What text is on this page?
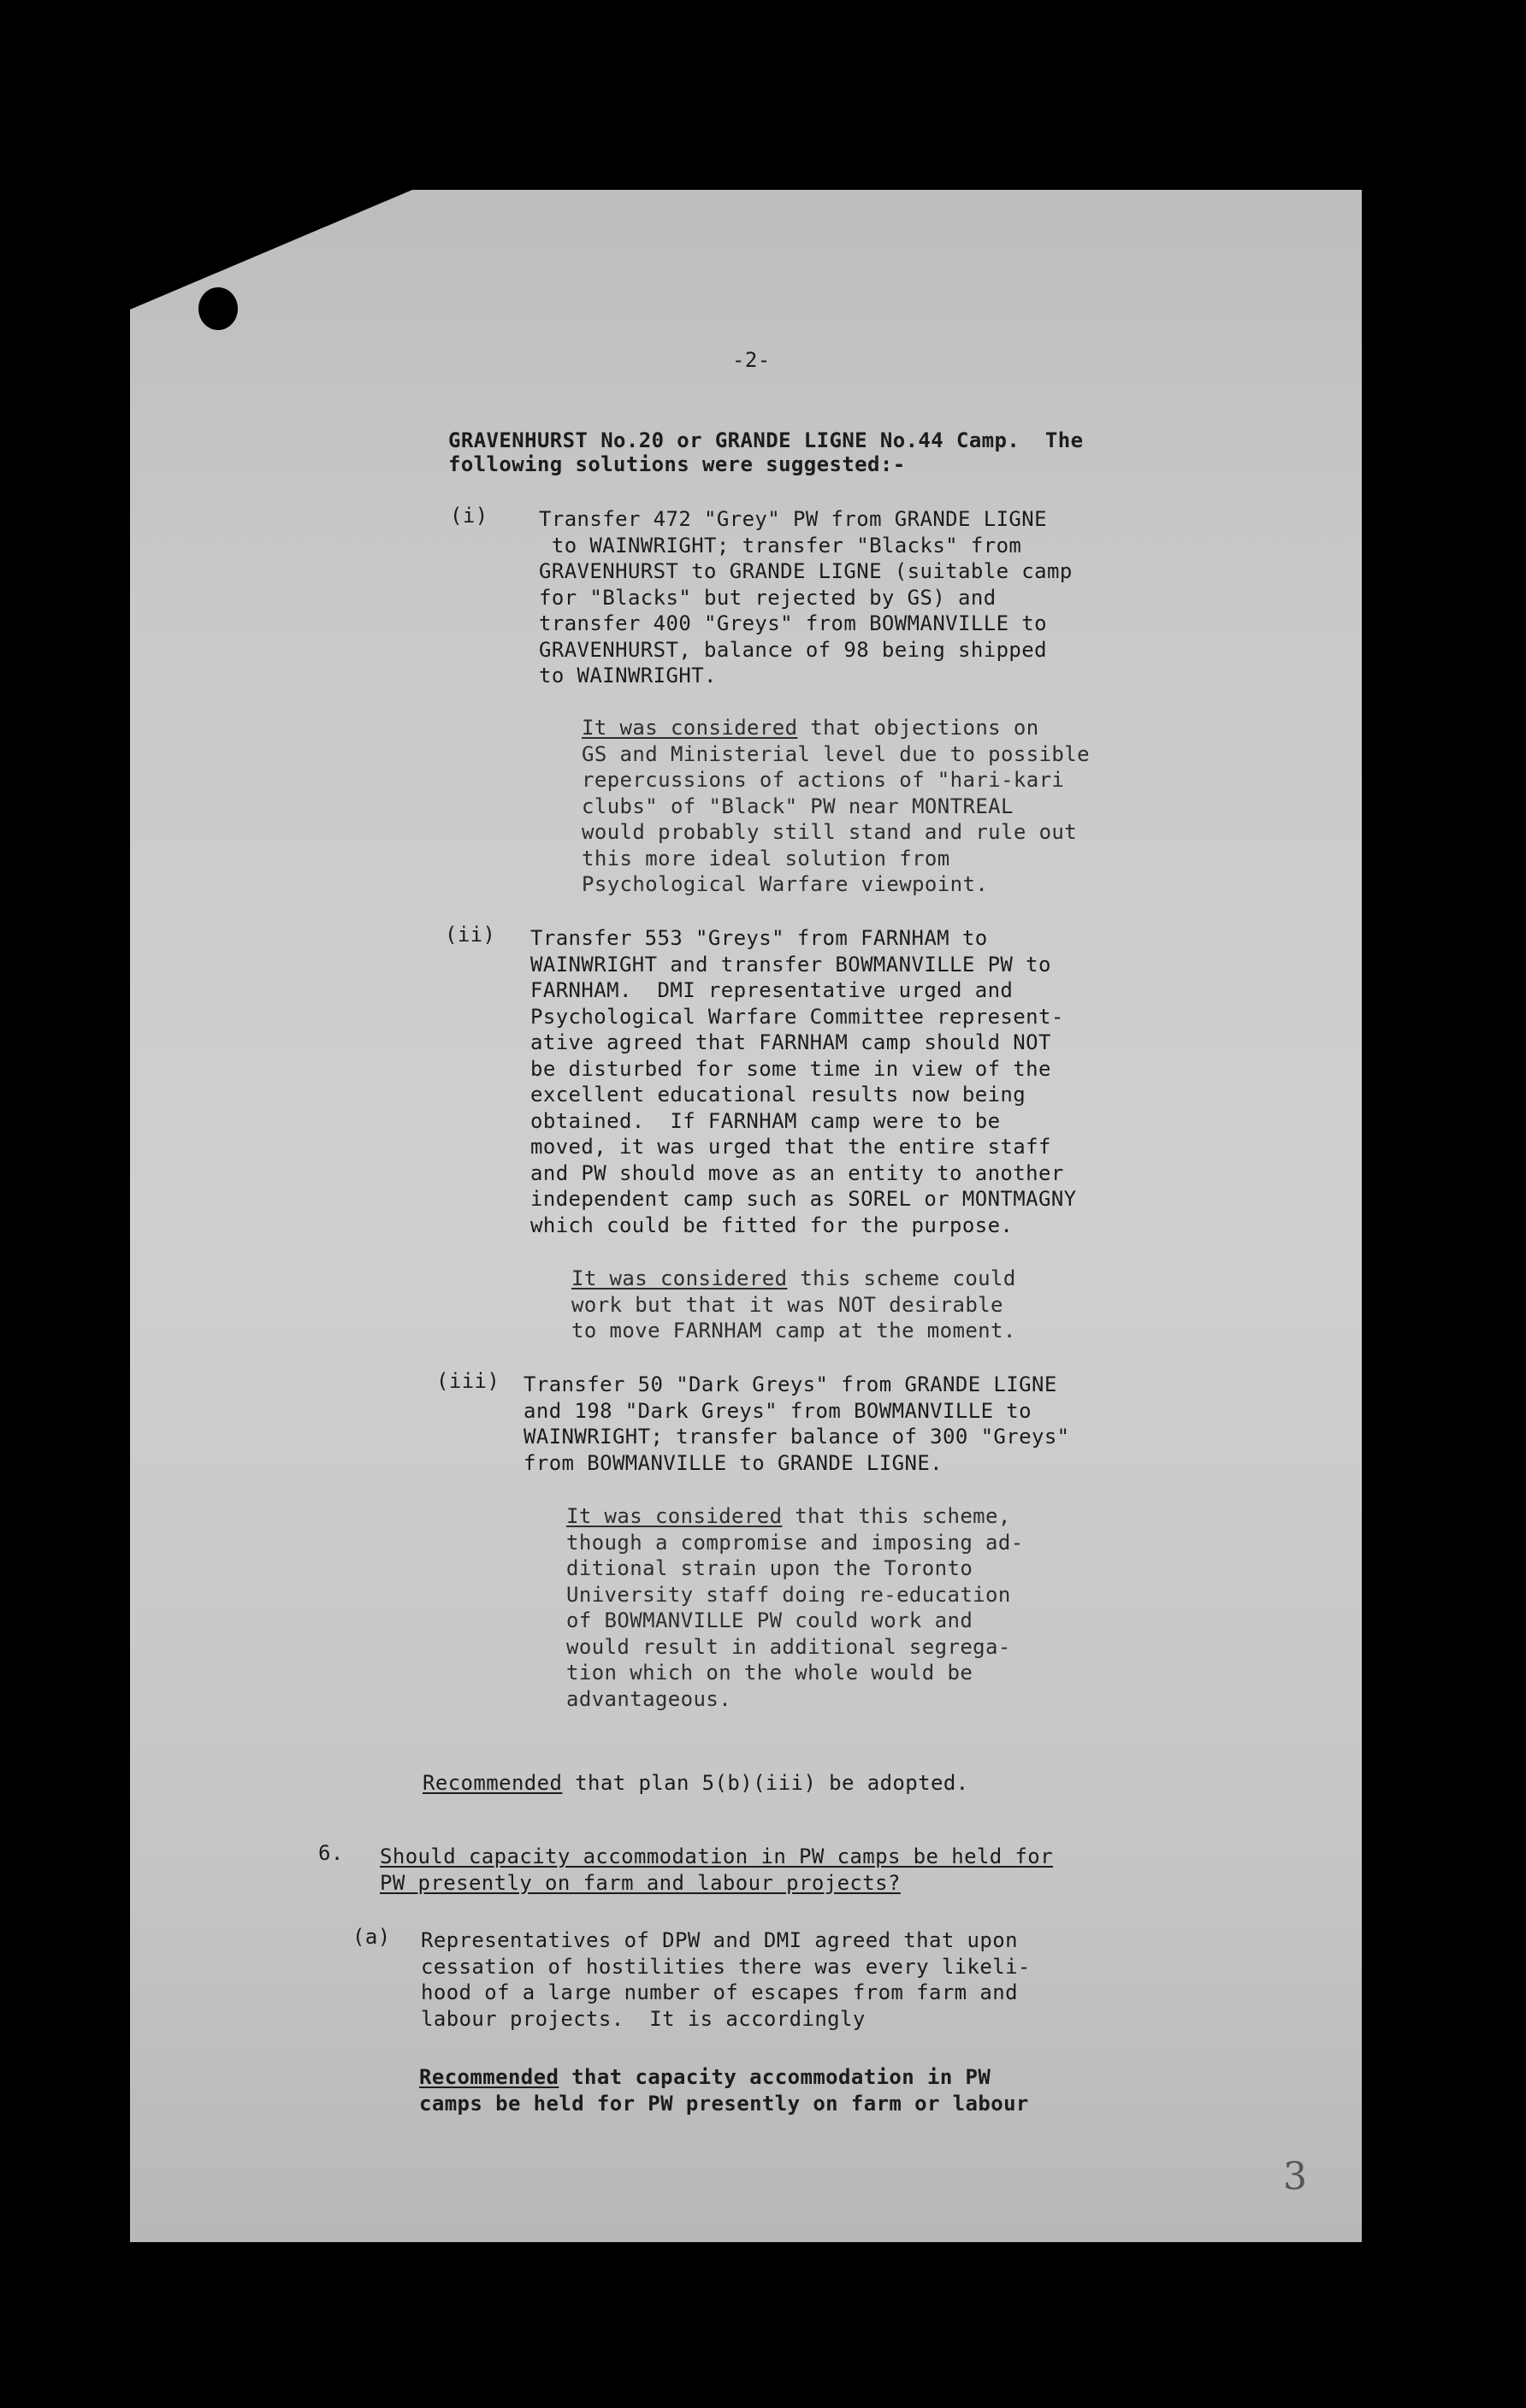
-2-
GRAVENHURST No.20 or GRANDE LIGNE No.44 Camp.  The
following solutions were suggested:-
(i) Transfer 472 "Grey" PW from GRANDE LIGNE
to WAINWRIGHT; transfer "Blacks" from
GRAVENHURST to GRANDE LIGNE (suitable camp
for "Blacks" but rejected by GS) and
transfer 400 "Greys" from BOWMANVILLE to
GRAVENHURST, balance of 98 being shipped
to WAINWRIGHT.
It was considered that objections on
GS and Ministerial level due to possible
repercussions of actions of "hari-kari
clubs" of "Black" PW near MONTREAL
would probably still stand and rule out
this more ideal solution from
Psychological Warfare viewpoint.
(ii) Transfer 553 "Greys" from FARNHAM to
WAINWRIGHT and transfer BOWMANVILLE PW to
FARNHAM.  DMI representative urged and
Psychological Warfare Committee represent-
ative agreed that FARNHAM camp should NOT
be disturbed for some time in view of the
excellent educational results now being
obtained.  If FARNHAM camp were to be
moved, it was urged that the entire staff
and PW should move as an entity to another
independent camp such as SOREL or MONTMAGNY
which could be fitted for the purpose.
It was considered this scheme could
work but that it was NOT desirable
to move FARNHAM camp at the moment.
(iii) Transfer 50 "Dark Greys" from GRANDE LIGNE
and 198 "Dark Greys" from BOWMANVILLE to
WAINWRIGHT; transfer balance of 300 "Greys"
from BOWMANVILLE to GRANDE LIGNE.
It was considered that this scheme,
though a compromise and imposing ad-
ditional strain upon the Toronto
University staff doing re-education
of BOWMANVILLE PW could work and
would result in additional segrega-
tion which on the whole would be
advantageous.
Recommended that plan 5(b)(iii) be adopted.
6. Should capacity accommodation in PW camps be held for
PW presently on farm and labour projects?
(a) Representatives of DPW and DMI agreed that upon
cessation of hostilities there was every likeli-
hood of a large number of escapes from farm and
labour projects.  It is accordingly
Recommended that capacity accommodation in PW
camps be held for PW presently on farm or labour
3
